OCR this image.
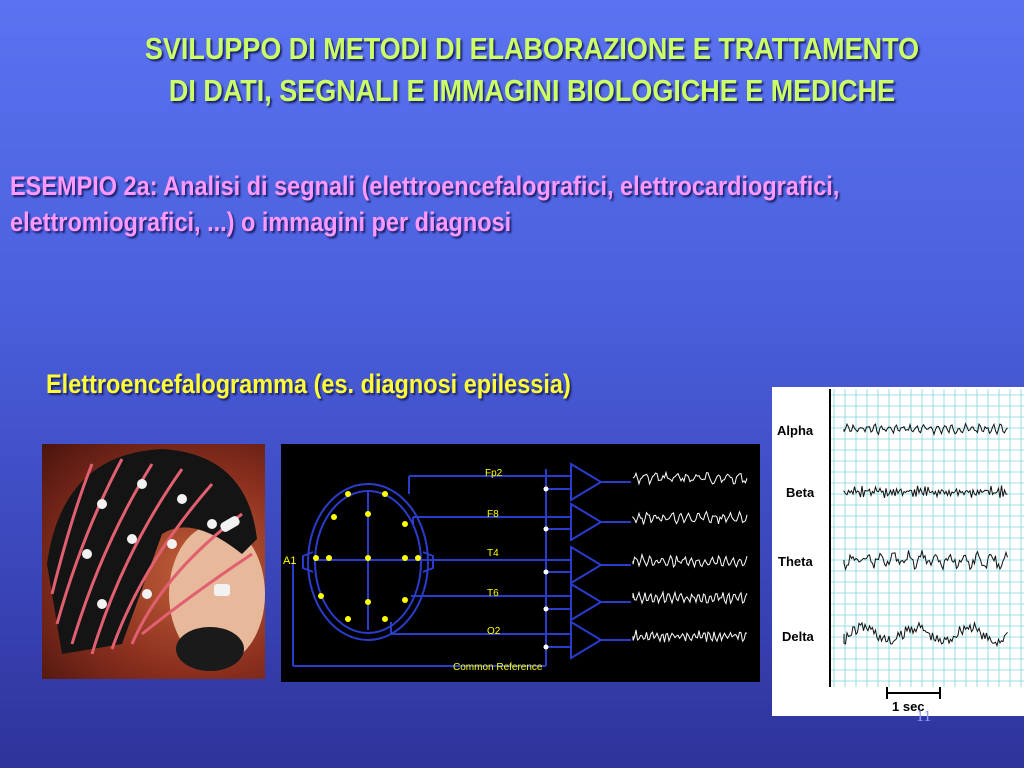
SVILUPPO DI METODI DI ELABORAZIONE E TRATTAMENTO
DI DATI, SEGNALI E IMMAGINI BIOLOGICHE E MEDICHE
ESEMPIO 2a: Analisi di segnali (elettroencefalografici, elettrocardiografici,
elettromiografici, ...) o immagini per diagnosi
Elettroencefalogramma (es. diagnosi epilessia)
A1
Fp2
F8
T4
T6
O2
Common Reference
Alpha
Beta
Theta
Delta
1 sec
11
